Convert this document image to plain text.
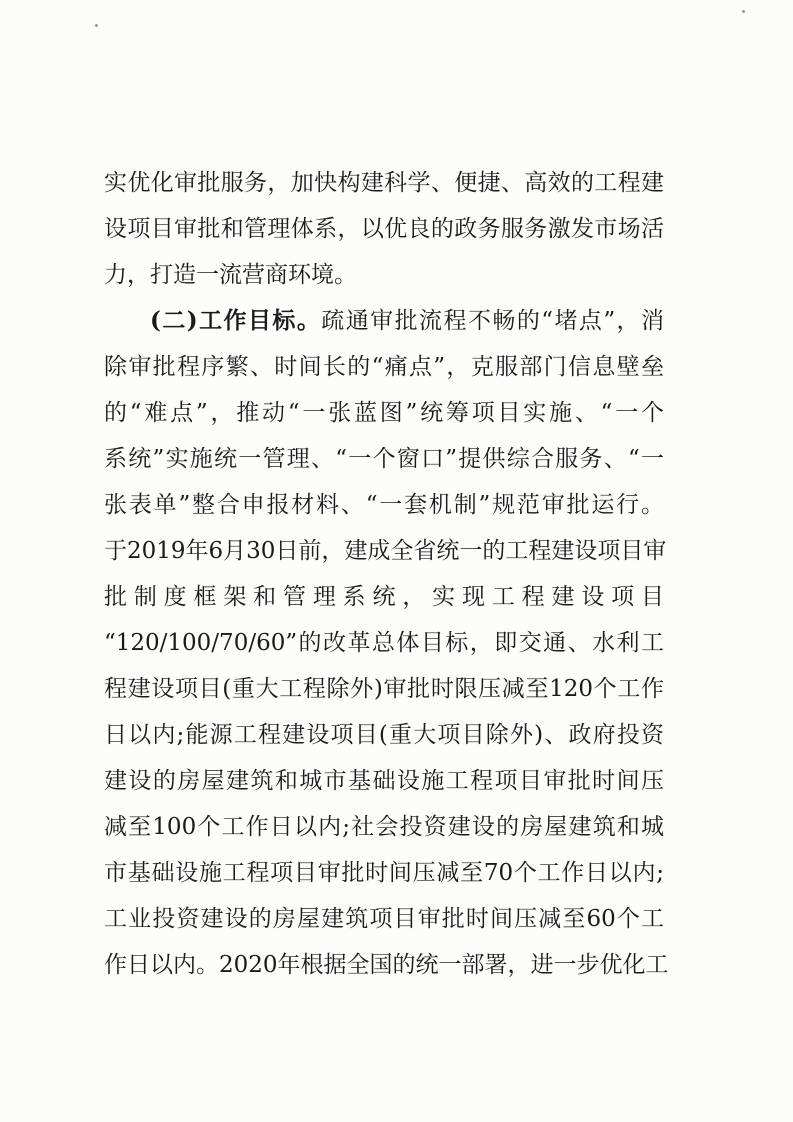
实优化审批服务，加快构建科学、便捷、高效的工程建
设项目审批和管理体系，以优良的政务服务激发市场活
力，打造一流营商环境。
(二)工作目标。疏通审批流程不畅的“堵点”，消
除审批程序繁、时间长的“痛点”，克服部门信息壁垒
的“难点”，推动“一张蓝图”统筹项目实施、“一个
系统”实施统一管理、“一个窗口”提供综合服务、“一
张表单”整合申报材料、“一套机制”规范审批运行。
于2019年6月30日前，建成全省统一的工程建设项目审
批制度框架和管理系统，实现工程建设项目
“120/100/70/60”的改革总体目标，即交通、水利工
程建设项目(重大工程除外)审批时限压减至120个工作
日以内;能源工程建设项目(重大项目除外)、政府投资
建设的房屋建筑和城市基础设施工程项目审批时间压
减至100个工作日以内;社会投资建设的房屋建筑和城
市基础设施工程项目审批时间压减至70个工作日以内;
工业投资建设的房屋建筑项目审批时间压减至60个工
作日以内。2020年根据全国的统一部署，进一步优化工
